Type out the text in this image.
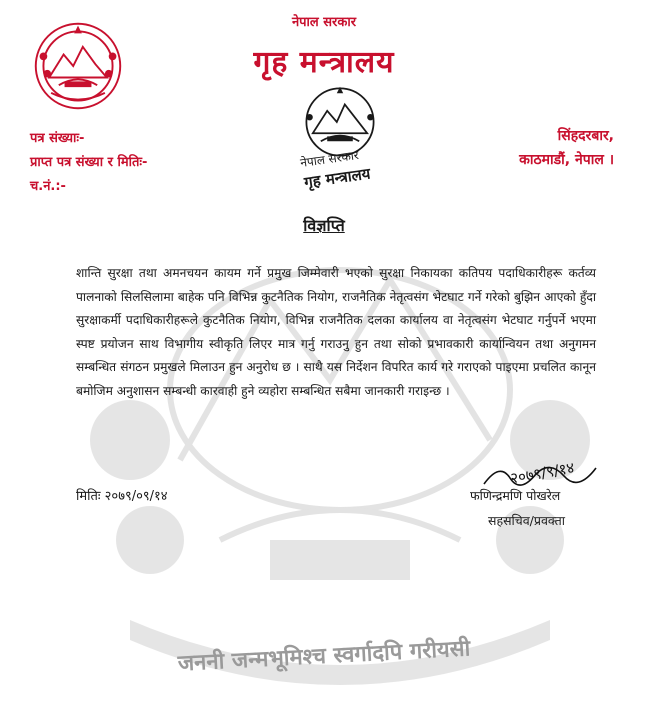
नेपाल सरकार
गृह मन्त्रालय
नेपाल सरकार
गृह मन्त्रालय
पत्र संख्याः-
प्राप्त पत्र संख्या र मितिः-
च.नं.:-
सिंहदरबार,
काठमाडौं, नेपाल ।
जननी जन्मभूमिश्च स्वर्गादपि गरीयसी
विज्ञप्ति
शान्ति सुरक्षा तथा अमनचयन कायम गर्ने प्रमुख जिम्मेवारी भएको सुरक्षा निकायका कतिपय पदाधिकारीहरू कर्तव्य पालनाको सिलसिलामा बाहेक पनि विभिन्न कुटनैतिक नियोग, राजनैतिक नेतृत्वसंग भेटघाट गर्ने गरेको बुझिन आएको हुँदा सुरक्षाकर्मी पदाधिकारीहरूले कुटनैतिक नियोग, विभिन्न राजनैतिक दलका कार्यालय वा नेतृत्वसंग भेटघाट गर्नुपर्ने भएमा स्पष्ट प्रयोजन साथ विभागीय स्वीकृति लिएर मात्र गर्नु गराउनु हुन तथा सोको प्रभावकारी कार्यान्वियन तथा अनुगमन सम्बन्धित संगठन प्रमुखले मिलाउन हुन अनुरोध छ । साथै यस निर्देशन विपरित कार्य गरे गराएको पाइएमा प्रचलित कानून बमोजिम अनुशासन सम्बन्धी कारवाही हुने व्यहोरा सम्बन्धित सबैमा जानकारी गराइन्छ ।
मितिः २०७९/०९/१४
२०७९/९/१४
फणिन्द्रमणि पोखरेल
सहसचिव/प्रवक्ता
